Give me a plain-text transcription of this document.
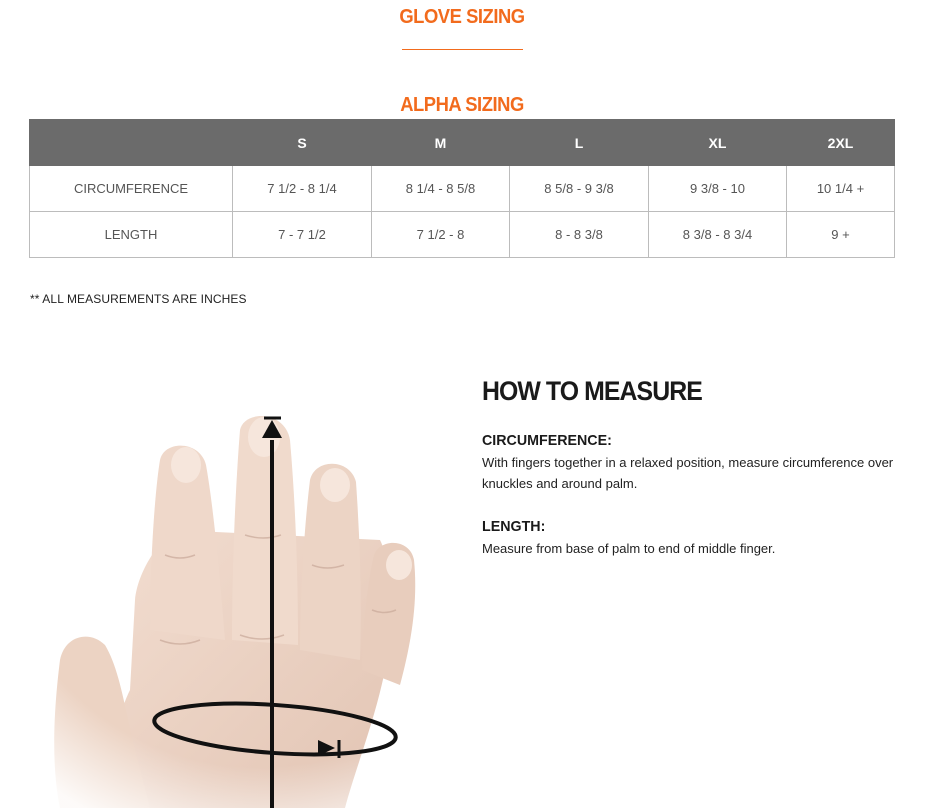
GLOVE SIZING
ALPHA SIZING
	S	M	L	XL	2XL
CIRCUMFERENCE	7 1/2 - 8 1/4	8 1/4 - 8 5/8	8 5/8 - 9 3/8	9 3/8 - 10	10 1/4 +
LENGTH	7 - 7 1/2	7 1/2 - 8	8 - 8 3/8	8 3/8 - 8 3/4	9 +
** ALL MEASUREMENTS ARE INCHES
HOW TO MEASURE
CIRCUMFERENCE:
With fingers together in a relaxed position, measure circumference over knuckles and around palm.
LENGTH:
Measure from base of palm to end of middle finger.
